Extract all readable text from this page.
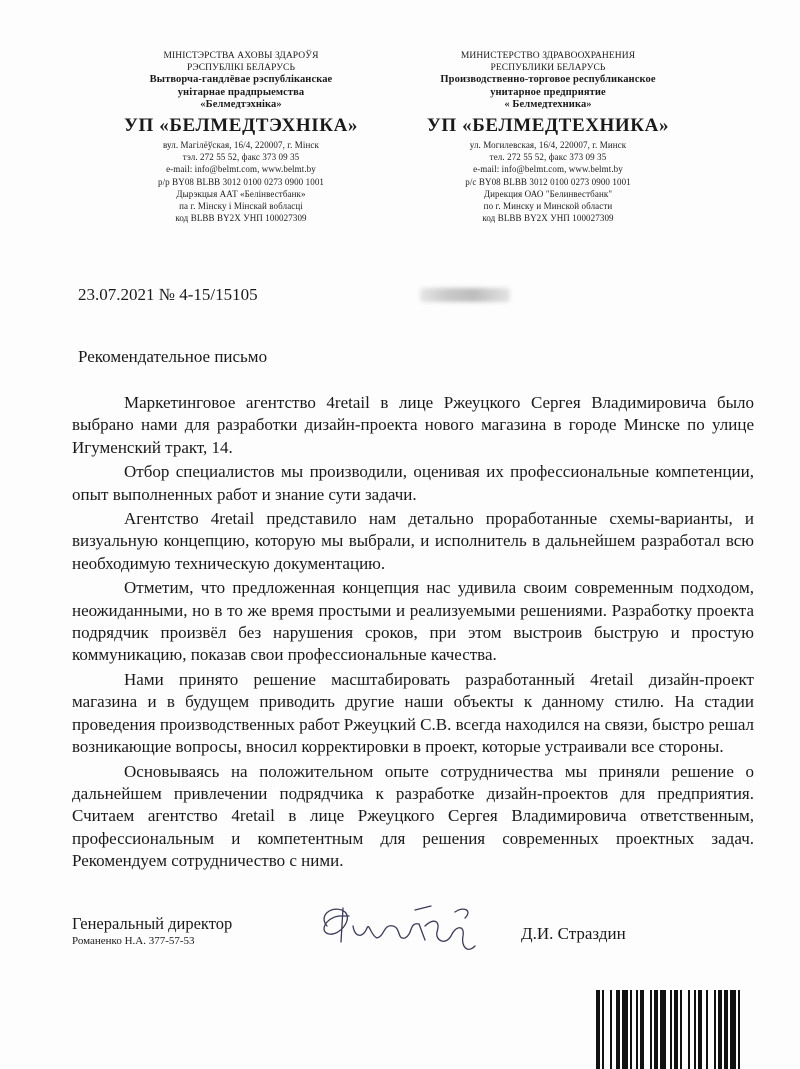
МІНІСТЭРСТВА АХОВЫ ЗДАРОЎЯ
РЭСПУБЛІКІ БЕЛАРУСЬ
Вытворча-гандлёвае рэспубліканскае
унітарнае прадпрыемства
«Белмедтэхніка»
УП «БЕЛМЕДТЭХНІКА»
вул. Магілёўская, 16/4, 220007, г. Мінск
тэл. 272 55 52, факс 373 09 35
e-mail: info@belmt.com, www.belmt.by
р/р BY08 BLBB 3012 0100 0273 0900 1001
Дырэкцыя ААТ «Белінвестбанк»
па г. Мінску і Мінскай вобласці
код BLBB BY2X УНП 100027309
МИНИСТЕРСТВО ЗДРАВООХРАНЕНИЯ
РЕСПУБЛИКИ БЕЛАРУСЬ
Производственно-торговое республиканское
унитарное предприятие
« Белмедтехника»
УП «БЕЛМЕДТЕХНИКА»
ул. Могилевская, 16/4, 220007, г. Минск
тел. 272 55 52, факс 373 09 35
e-mail: info@belmt.com, www.belmt.by
р/с BY08 BLBB 3012 0100 0273 0900 1001
Дирекция ОАО "Белинвестбанк"
по г. Минску и Минской области
код BLBB BY2X УНП 100027309
23.07.2021 № 4-15/15105
Рекомендательное письмо

Маркетинговое агентство 4retail в лице Ржеуцкого Сергея Владимировича было выбрано нами для разработки дизайн-проекта нового магазина в городе Минске по улице Игуменский тракт, 14.

Отбор специалистов мы производили, оценивая их профессиональные компетенции, опыт выполненных работ и знание сути задачи.

Агентство 4retail представило нам детально проработанные схемы-варианты, и визуальную концепцию, которую мы выбрали, и исполнитель в дальнейшем разработал всю необходимую техническую документацию.

Отметим, что предложенная концепция нас удивила своим современным подходом, неожиданными, но в то же время простыми и реализуемыми решениями. Разработку проекта подрядчик произвёл без нарушения сроков, при этом выстроив быструю и простую коммуникацию, показав свои профессиональные качества.

Нами принято решение масштабировать разработанный 4retail дизайн-проект магазина и в будущем приводить другие наши объекты к данному стилю. На стадии проведения производственных работ Ржеуцкий С.В. всегда находился на связи, быстро решал возникающие вопросы, вносил корректировки в проект, которые устраивали все стороны.

Основываясь на положительном опыте сотрудничества мы приняли решение о дальнейшем привлечении подрядчика к разработке дизайн-проектов для предприятия. Считаем агентство 4retail в лице Ржеуцкого Сергея Владимировича ответственным, профессиональным и компетентным для решения современных проектных задач. Рекомендуем сотрудничество с ними.

Генеральный директор
Романенко Н.А. 377-57-53	Д.И. Страздин
